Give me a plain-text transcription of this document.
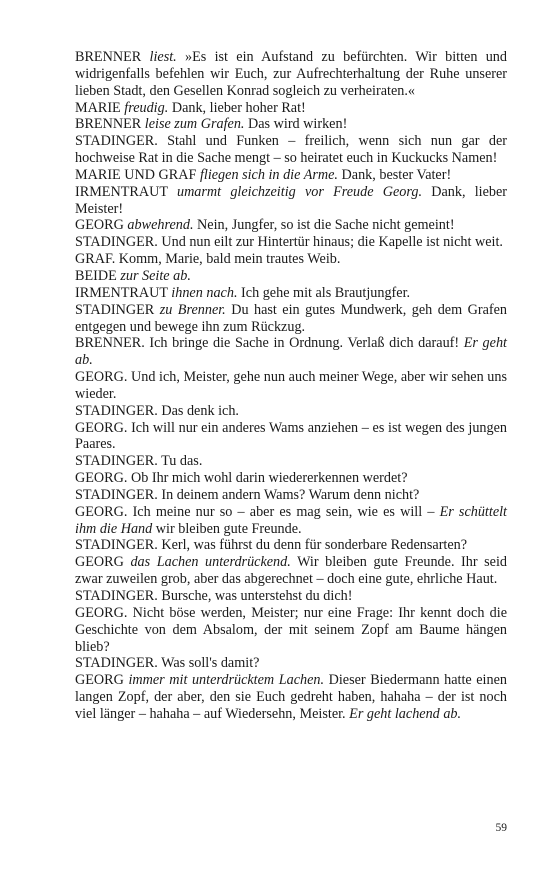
BRENNER liest. »Es ist ein Aufstand zu befürchten. Wir bitten und widrigenfalls befehlen wir Euch, zur Aufrechterhaltung der Ruhe unserer lieben Stadt, den Gesellen Konrad sogleich zu verheiraten.«

MARIE freudig. Dank, lieber hoher Rat!

BRENNER leise zum Grafen. Das wird wirken!

STADINGER. Stahl und Funken – freilich, wenn sich nun gar der hochweise Rat in die Sache mengt – so heiratet euch in Kuckucks Namen!

MARIE UND GRAF fliegen sich in die Arme. Dank, bester Vater!

IRMENTRAUT umarmt gleichzeitig vor Freude Georg. Dank, lieber Meister!

GEORG abwehrend. Nein, Jungfer, so ist die Sache nicht gemeint!

STADINGER. Und nun eilt zur Hintertür hinaus; die Kapelle ist nicht weit.

GRAF. Komm, Marie, bald mein trautes Weib.

BEIDE zur Seite ab.

IRMENTRAUT ihnen nach. Ich gehe mit als Brautjungfer.

STADINGER zu Brenner. Du hast ein gutes Mundwerk, geh dem Grafen entgegen und bewege ihn zum Rückzug.

BRENNER. Ich bringe die Sache in Ordnung. Verlaß dich darauf! Er geht ab.

GEORG. Und ich, Meister, gehe nun auch meiner Wege, aber wir sehen uns wieder.

STADINGER. Das denk ich.

GEORG. Ich will nur ein anderes Wams anziehen – es ist wegen des jungen Paares.

STADINGER. Tu das.

GEORG. Ob Ihr mich wohl darin wiedererkennen werdet?

STADINGER. In deinem andern Wams? Warum denn nicht?

GEORG. Ich meine nur so – aber es mag sein, wie es will – Er schüttelt ihm die Hand wir bleiben gute Freunde.

STADINGER. Kerl, was führst du denn für sonderbare Redensarten?

GEORG das Lachen unterdrückend. Wir bleiben gute Freunde. Ihr seid zwar zuweilen grob, aber das abgerechnet – doch eine gute, ehrliche Haut.

STADINGER. Bursche, was unterstehst du dich!

GEORG. Nicht böse werden, Meister; nur eine Frage: Ihr kennt doch die Geschichte von dem Absalom, der mit seinem Zopf am Baume hängen blieb?

STADINGER. Was soll's damit?

GEORG immer mit unterdrücktem Lachen. Dieser Biedermann hatte einen langen Zopf, der aber, den sie Euch gedreht haben, hahaha – der ist noch viel länger – hahaha – auf Wiedersehn, Meister. Er geht lachend ab.

59
